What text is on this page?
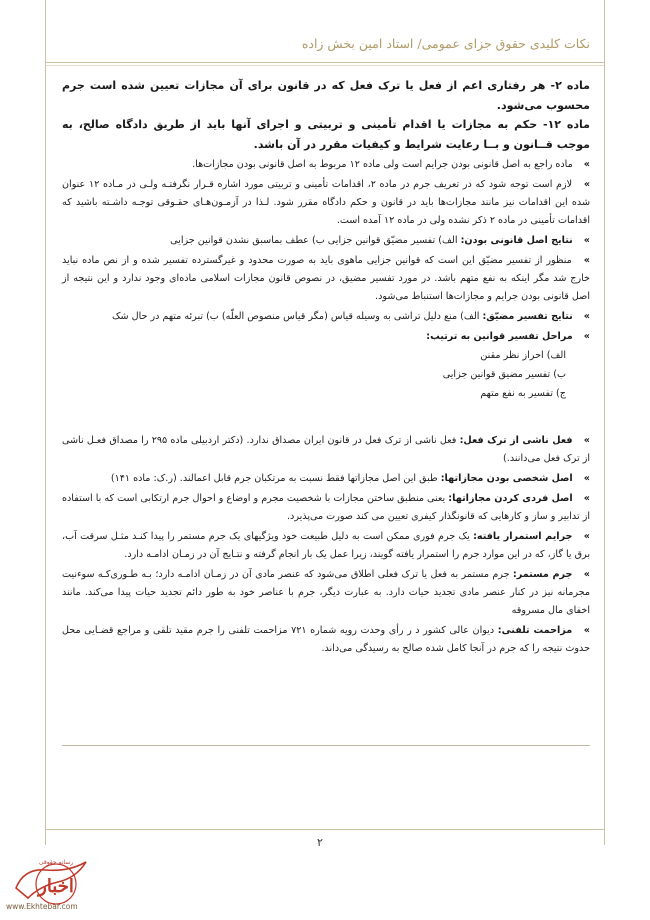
نکات کلیدی حقوق جزای عمومی/ استاد امین بخش زاده
ماده ۲- هر رفتاری اعم از فعل یا ترک فعل که در قانون برای آن مجازات تعیین شده است جرم محسوب می‌شود.
ماده ۱۲- حکم به مجازات یا اقدام تأمینی و تربیتی و اجرای آنها باید از طریق دادگاه صالح، به موجب قــانون و بــا رعایت شرایط و کیفیات مقرر در آن باشد.
» ماده راجع به اصل قانونی بودن جرایم است ولی ماده ۱۲ مربوط به اصل قانونی بودن مجازات‌ها.
» لازم است توجه شود که در تعریف جرم در ماده ۲، اقدامات تأمینی و تربیتی مورد اشاره قـرار نگرفتـه ولـی در مـاده ۱۲ عنوان شده این اقدامات نیز مانند مجازات‌ها باید در قانون و حکم دادگاه مقرر شود. لـذا در آزمـون‌هـای حقـوقی توجـه داشـته باشید که اقدامات تأمینی در ماده ۲ ذکر نشده ولی در ماده ۱۲ آمده است.
» نتایج اصل قانونی بودن: الف) تفسیر مضیّق قوانین جزایی ب) عطف بماسبق نشدن قوانین جزایی
» منظور از تفسیر مضیّق این است که قوانین جزایی ماهوی باید به صورت محدود و غیرگسترده تفسیر شده و از نص ماده نباید خارج شد مگر اینکه به نفع متهم باشد. در مورد تفسیر مضیق، در نصوص قانون مجازات اسلامی ماده‌ای وجود ندارد و این نتیجه از اصل قانونی بودن جرایم و مجازات‌ها استنباط می‌شود.
» نتایج تفسیر مضیّق: الف) منع دلیل تراشی به وسیله قیاس (مگر قیاس منصوص العلّه) ب) تبرئه متهم در حال شک
» مراحل تفسیر قوانین به ترتیب:
الف) احراز نظر مقنن
ب) تفسیر مضیق قوانین جزایی
ج) تفسیر به نفع متهم
» فعل ناشی از ترک فعل: فعل ناشی از ترک فعل در قانون ایران مصداق ندارد. (دکتر اردبیلی ماده ۲۹۵ را مصداق فعـل ناشی از ترک فعل می‌دانند.)
» اصل شخصی بودن مجازاتها: طبق این اصل مجازاتها فقط نسبت به مرتکبان جرم قابل اعمالند. (ر.ک: ماده ۱۴۱)
» اصل فردی کردن مجازاتها: یعنی منطبق ساختن مجازات با شخصیت مجرم و اوضاع و احوال جرم ارتکابی است که با استفاده از تدابیر و ساز و کارهایی که قانونگذار کیفری تعیین می کند صورت می‌پذیرد.
» جرایم استمرار یافته: یک جرم فوری ممکن است به دلیل طبیعت خود ویژگیهای یک جرم مستمر را پیدا کنـد مثـل سرقت آب، برق یا گاز، که در این موارد جرم را استمرار یافته گویند، زیرا عمل یک بار انجام گرفته و نتـایج آن در زمـان ادامـه دارد.
» جرم مستمر: جرم مستمر به فعل یا ترک فعلی اطلاق می‌شود که عنصر مادی آن در زمـان ادامـه دارد؛ بـه طـوری‌کـه سوءنیت مجرمانه نیز در کنار عنصر مادی تجدید حیات دارد. به عبارت دیگر، جرم با عناصر خود به طور دائم تجدید حیات پیدا می‌کند. مانند اخفای مال مسروقه
» مزاحمت تلفنی: دیوان عالی کشور د ر رأی وحدت رویه شماره ۷۲۱ مزاحمت تلفنی را جرم مقید تلقی و مراجع قضـایی محل حدوث نتیجه را که جرم در آنجا کامل شده صالح به رسیدگی می‌داند.
۲
اخبار
رسانه حقوقی
www.Ekhtebar.com
